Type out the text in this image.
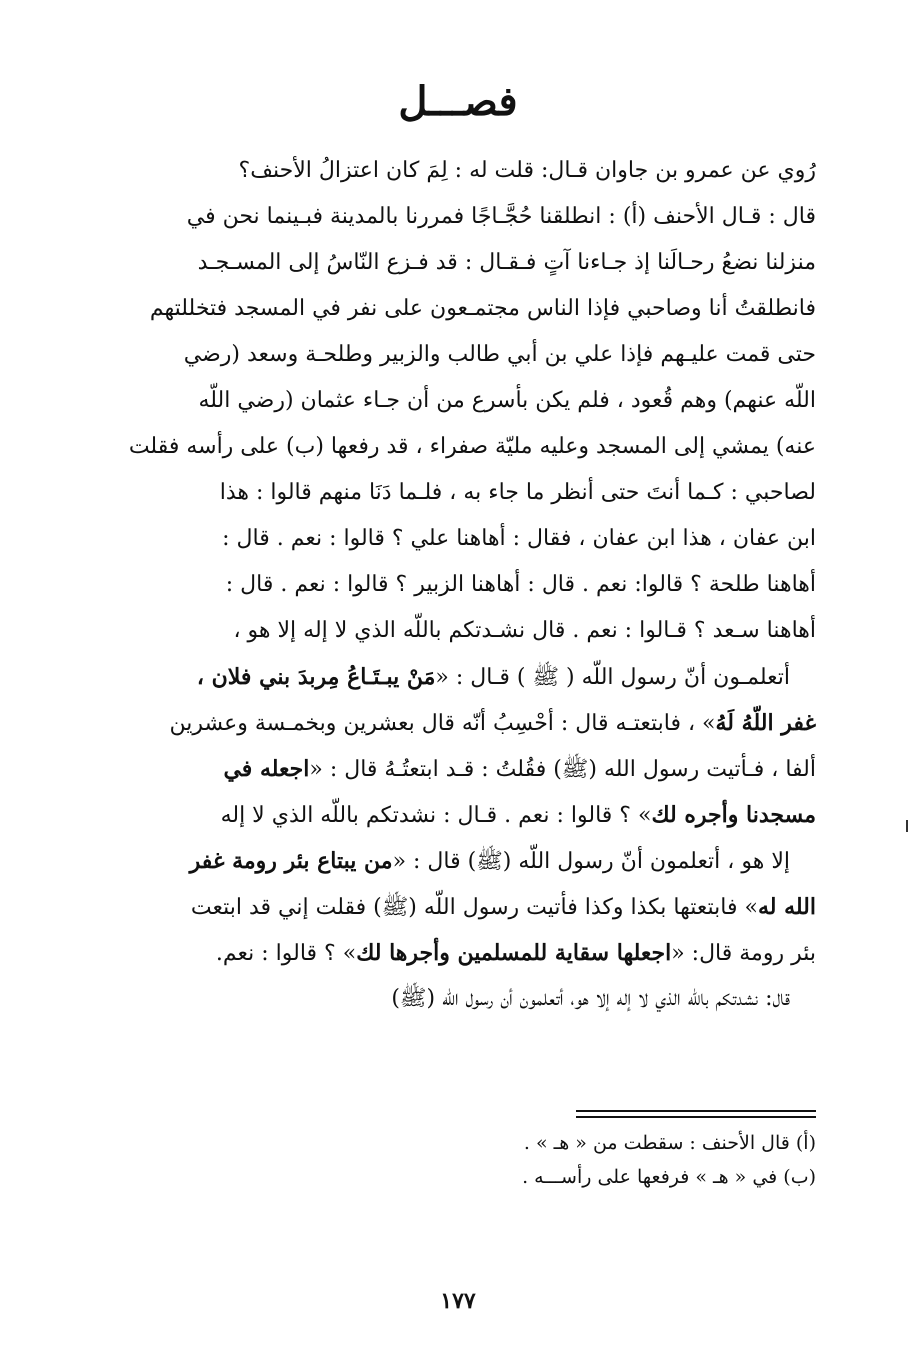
فصـــل
رُوي عن عمرو بن جاوان قـال: قلت له : لِمَ كان اعتزالُ الأحنف؟
قال : قـال الأحنف (أ) : انطلقنا حُجَّـاجًا فمررنا بالمدينة فبـينما نحن في
منزلنا نضعُ رحـالَنا إذ جـاءنا آتٍ فـقـال : قد فـزع النّاسُ إلى المسـجـد
فانطلقتُ أنا وصاحبي فإذا الناس مجتمـعون على نفر في المسجد فتخللتهم
حتى قمت عليـهم فإذا علي بن أبي طالب والزبير وطلحـة وسعد (رضي
اللّه عنهم) وهم قُعود ، فلم يكن بأسرع من أن جـاء عثمان (رضي اللّه
عنه) يمشي إلى المسجد وعليه مليّة صفراء ، قد رفعها (ب) على رأسه فقلت
لصاحبي : كـما أنتَ حتى أنظر ما جاء به ، فلـما دَنَا منهم قالوا : هذا
ابن عفان ، هذا ابن عفان ، فقال : أهاهنا علي ؟ قالوا : نعم . قال :
أهاهنا طلحة ؟ قالوا: نعم . قال : أهاهنا الزبير ؟ قالوا : نعم . قال :
أهاهنا سـعد ؟ قـالوا : نعم . قال نشـدتكم باللّه الذي لا إله إلا هو ،
أتعلمـون أنّ رسول اللّه ( ﷺ ) قـال : «مَنْ يبـتَـاعُ مِربدَ بني فلان ،
غفر اللّهُ لَهُ» ، فابتعتـه قال : أحْسِبُ أنّه قال بعشرين وبخمـسة وعشرين
ألفا ، فـأتيت رسول الله (ﷺ) فقُلتُ : قـد ابتعتُـهُ قال : «اجعله في
مسجدنا وأجره لك» ؟ قالوا : نعم . قـال : نشدتكم باللّه الذي لا إله
إلا هو ، أتعلمون أنّ رسول اللّه (ﷺ) قال : «من يبتاع بئر رومة غفر
الله له» فابتعتها بكذا وكذا فأتيت رسول اللّه (ﷺ) فقلت إني قد ابتعت
بئر رومة قال: «اجعلها سقاية للمسلمين وأجرها لك» ؟ قالوا : نعم.
قال: نشدتكم باللّه الذي لا إله إلا هو، أتعلمون أن رسول اللّه (ﷺ)
(أ) قال الأحنف : سقطت من « هـ » .
(ب) في « هـ » فرفعها على رأســـه .

١٧٧
